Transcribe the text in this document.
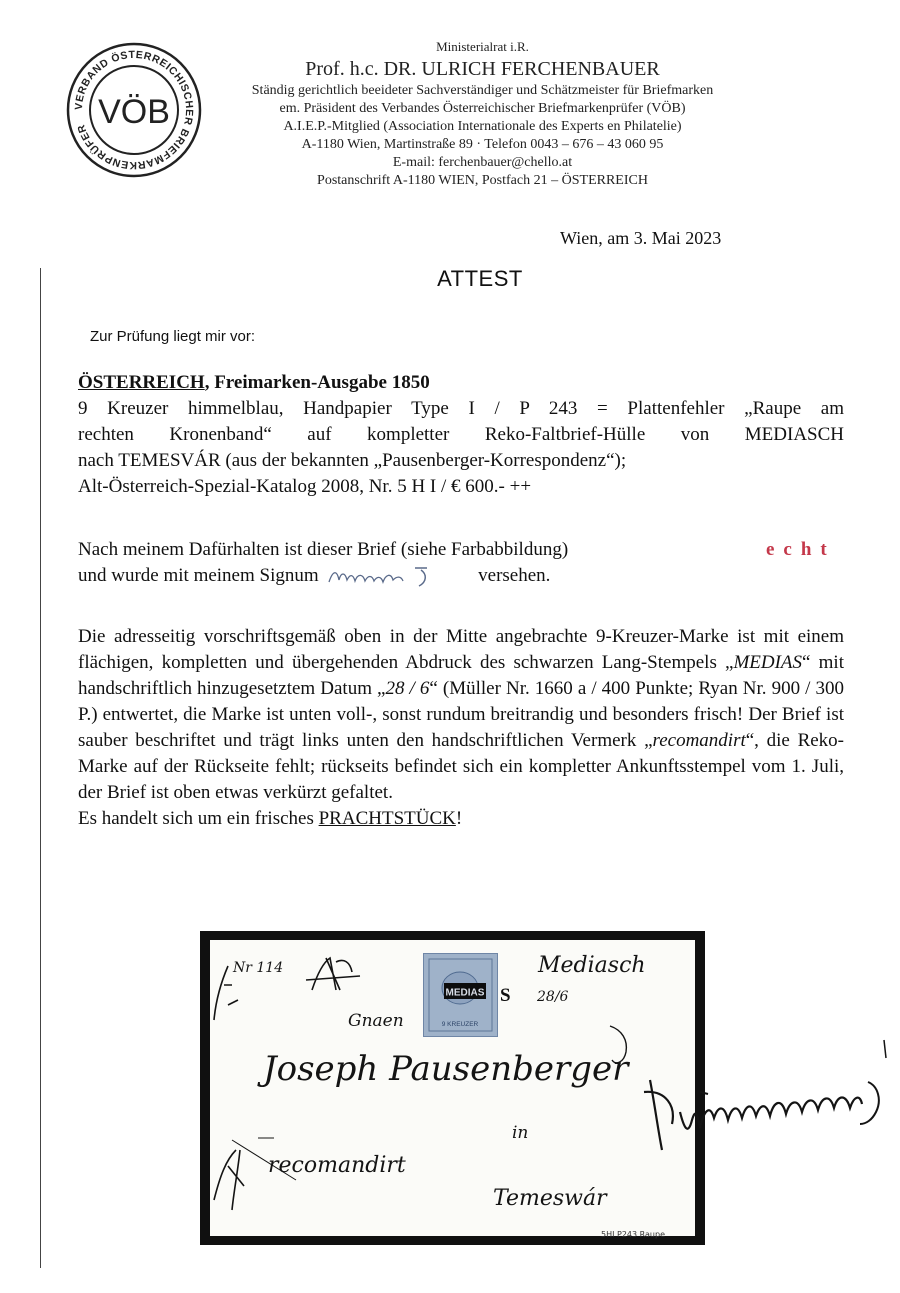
VERBAND ÖSTERREICHISCHER BRIEFMARKENPRÜFER VÖB
Ministerialrat i.R.
Prof. h.c. DR. ULRICH FERCHENBAUER
Ständig gerichtlich beeideter Sachverständiger und Schätzmeister für Briefmarken
em. Präsident des Verbandes Österreichischer Briefmarkenprüfer (VÖB)
A.I.E.P.-Mitglied (Association Internationale des Experts en Philatelie)
A-1180 Wien, Martinstraße 89 · Telefon 0043 – 676 – 43 060 95
E-mail: ferchenbauer@chello.at
Postanschrift A-1180 WIEN, Postfach 21 – ÖSTERREICH
Wien, am 3. Mai 2023
ATTEST
Zur Prüfung liegt mir vor:
ÖSTERREICH, Freimarken-Ausgabe 1850
9 Kreuzer himmelblau, Handpapier Type I / P 243 = Plattenfehler „Raupe am
rechten Kronenband“ auf kompletter Reko-Faltbrief-Hülle von MEDIASCH
nach TEMESVÁR (aus der bekannten „Pausenberger-Korrespondenz“);
Alt-Österreich-Spezial-Katalog 2008, Nr. 5 H I / € 600.- ++
Nach meinem Dafürhalten ist dieser Brief (siehe Farbabbildung)	echt
und wurde mit meinem Signum	versehen.
Die adresseitig vorschriftsgemäß oben in der Mitte angebrachte 9-Kreuzer-Marke ist mit einem flächigen, kompletten und übergehenden Abdruck des schwarzen Lang-Stempels „MEDIAS“ mit handschriftlich hinzugesetztem Datum „28 / 6“ (Müller Nr. 1660 a / 400 Punkte; Ryan Nr. 900 / 300 P.) entwertet, die Marke ist unten voll-, sonst rundum breitrandig und besonders frisch! Der Brief ist sauber beschriftet und trägt links unten den handschriftlichen Vermerk „recomandirt“, die Reko-Marke auf der Rückseite fehlt; rückseits befindet sich ein kompletter Ankunftsstempel vom 1. Juli, der Brief ist oben etwas verkürzt gefaltet.
Es handelt sich um ein frisches PRACHTSTÜCK!
MEDIAS
9 KREUZER
S
Mediasch
28/6
Gnaen
Joseph Pausenberger
in
recomandirt
Temeswár
5HI P243 Raupe
Nr 114
